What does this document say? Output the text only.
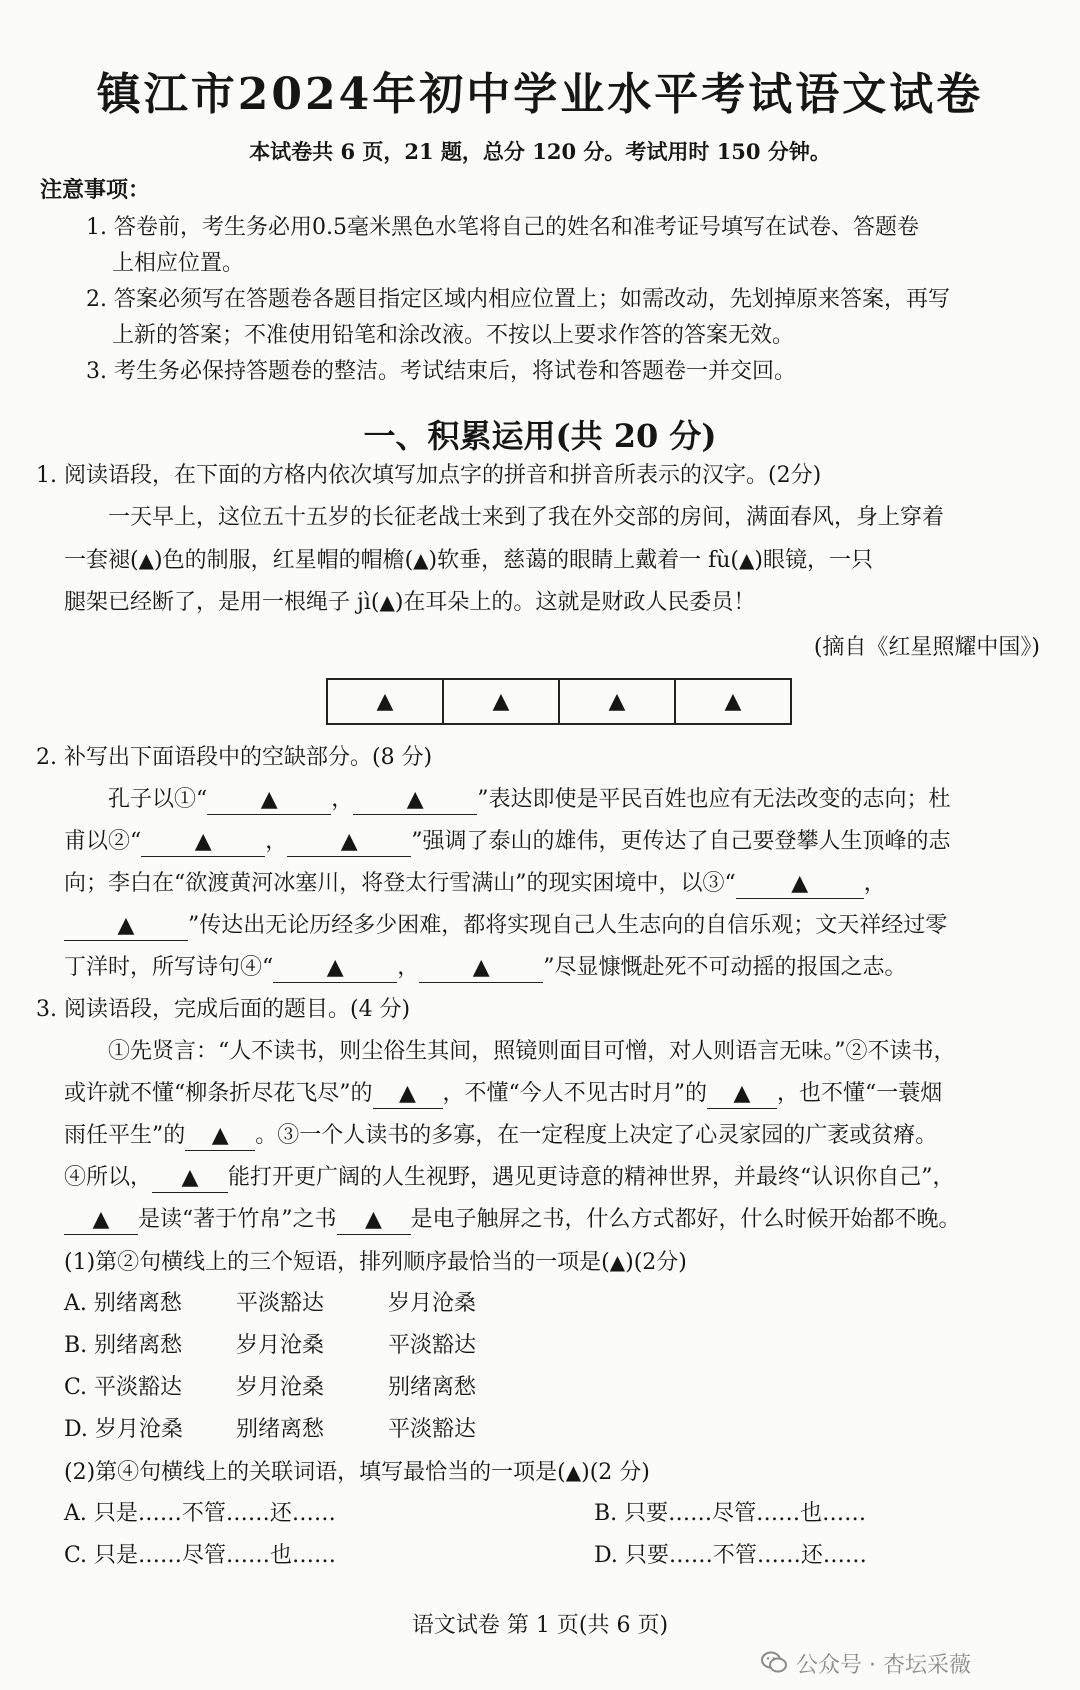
镇江市2024年初中学业水平考试语文试卷
本试卷共 6 页，21 题，总分 120 分。考试用时 150 分钟。
注意事项：
1. 答卷前，考生务必用0.5毫米黑色水笔将自己的姓名和准考证号填写在试卷、答题卷
上相应位置。
2. 答案必须写在答题卷各题目指定区域内相应位置上；如需改动，先划掉原来答案，再写
上新的答案；不准使用铅笔和涂改液。不按以上要求作答的答案无效。
3. 考生务必保持答题卷的整洁。考试结束后，将试卷和答题卷一并交回。
一、积累运用(共 20 分)
1. 阅读语段，在下面的方格内依次填写加点字的拼音和拼音所表示的汉字。(2分)
一天早上，这位五十五岁的长征老战士来到了我在外交部的房间，满面春风，身上穿着
一套褪(▲)色的制服，红星帽的帽檐(▲)软垂，慈蔼的眼睛上戴着一 fù(▲)眼镜，一只
腿架已经断了，是用一根绳子 jì(▲)在耳朵上的。这就是财政人民委员！
(摘自《红星照耀中国》)
▲	▲	▲	▲
2. 补写出下面语段中的空缺部分。(8 分)
孔子以①“ ▲ ， ▲ ”表达即使是平民百姓也应有无法改变的志向；杜
甫以②“ ▲ ， ▲ ”强调了泰山的雄伟，更传达了自己要登攀人生顶峰的志
向；李白在“欲渡黄河冰塞川，将登太行雪满山”的现实困境中，以③“	▲	，
▲ ”传达出无论历经多少困难，都将实现自己人生志向的自信乐观；文天祥经过零
丁洋时，所写诗句④“ ▲ ， ▲ ”尽显慷慨赴死不可动摇的报国之志。
3. 阅读语段，完成后面的题目。(4 分)
①先贤言：“人不读书，则尘俗生其间，照镜则面目可憎，对人则语言无味。”②不读书，
或许就不懂“柳条折尽花飞尽”的 ▲ ，不懂“今人不见古时月”的 ▲ ，也不懂“一蓑烟
雨任平生”的 ▲ 。③一个人读书的多寡，在一定程度上决定了心灵家园的广袤或贫瘠。
④所以， ▲ 能打开更广阔的人生视野，遇见更诗意的精神世界，并最终“认识你自己”，
▲ 是读“著于竹帛”之书 ▲ 是电子触屏之书，什么方式都好，什么时候开始都不晚。
(1)第②句横线上的三个短语，排列顺序最恰当的一项是(▲)(2分)
A. 别绪离愁 平淡豁达	岁月沧桑
B. 别绪离愁 岁月沧桑	平淡豁达
C. 平淡豁达 岁月沧桑	别绪离愁
D. 岁月沧桑 别绪离愁	平淡豁达
(2)第④句横线上的关联词语，填写最恰当的一项是(▲)(2 分)
A. 只是……不管……还……	B. 只要……尽管……也……
C. 只是……尽管……也……	D. 只要……不管……还……
语文试卷 第 1 页(共 6 页)
公众号 · 杏坛采薇
